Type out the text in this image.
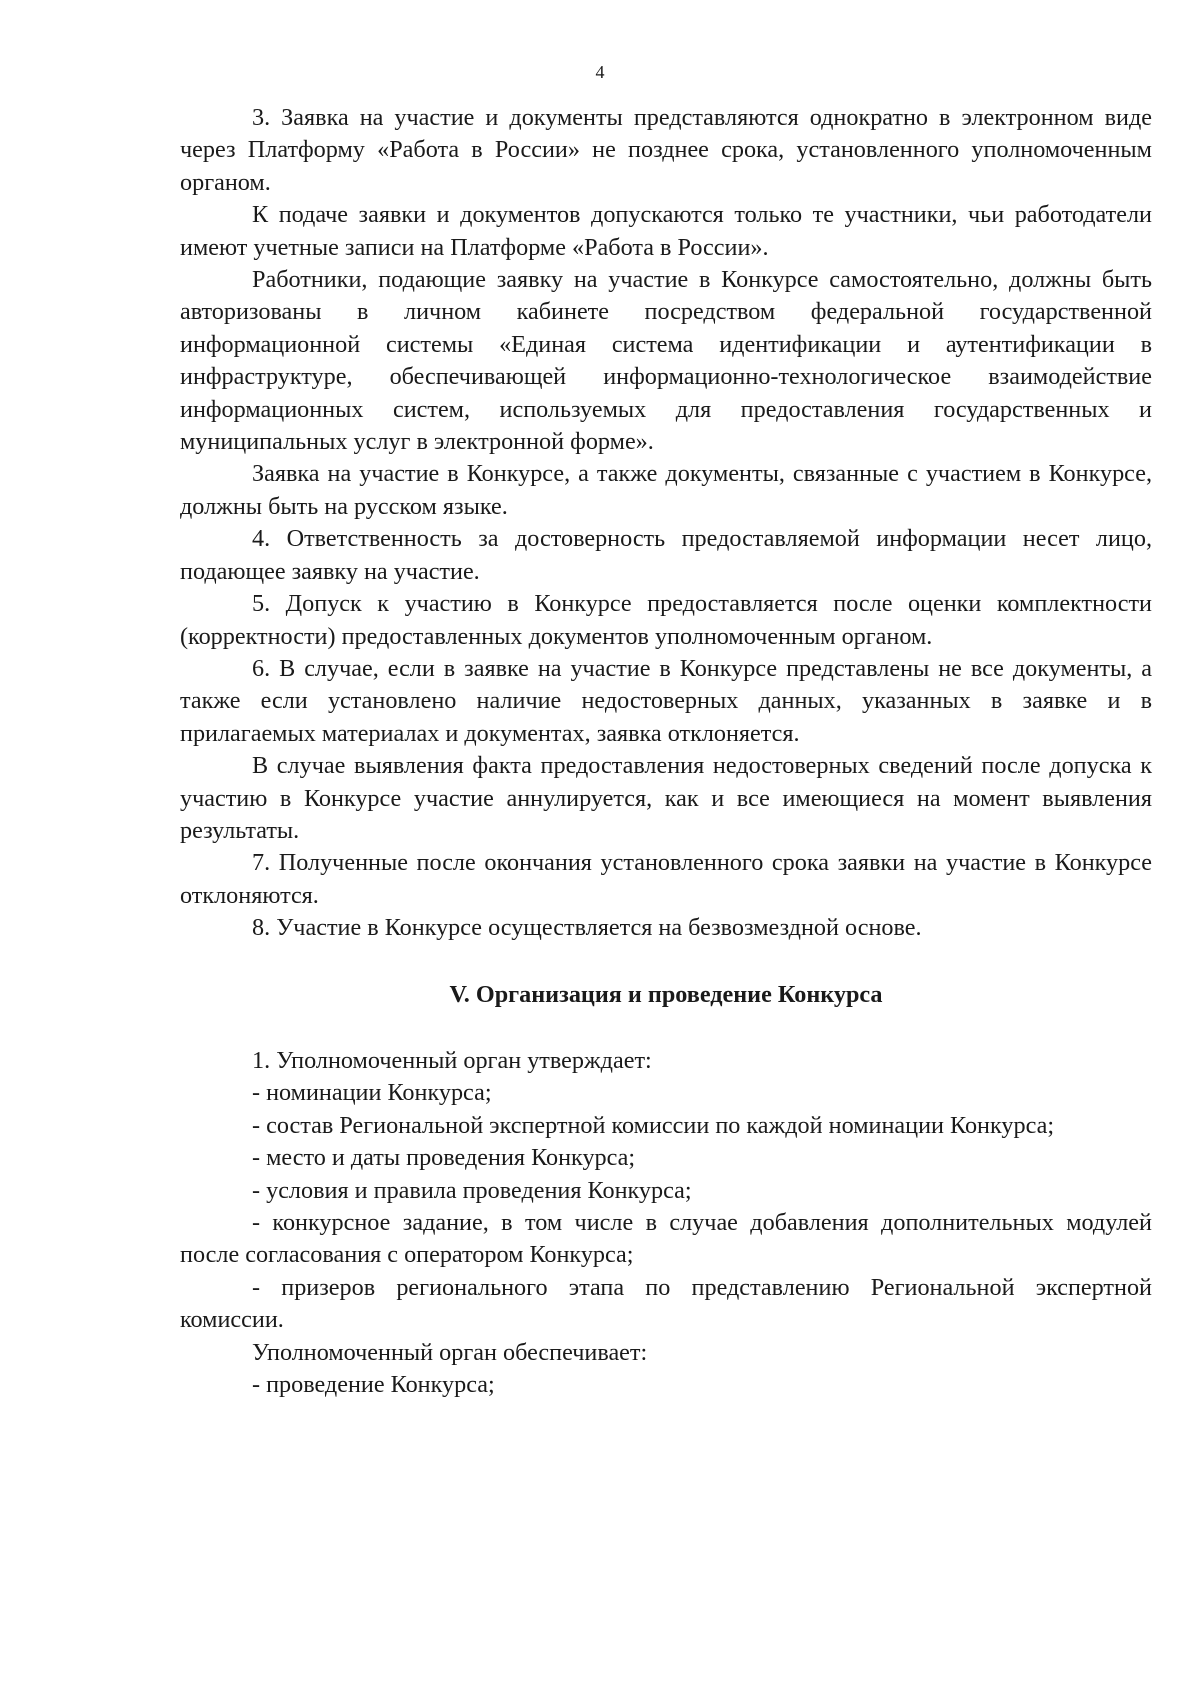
4

3. Заявка на участие и документы представляются однократно в электронном виде через Платформу «Работа в России» не позднее срока, установленного уполномоченным органом.

К подаче заявки и документов допускаются только те участники, чьи работодатели имеют учетные записи на Платформе «Работа в России».

Работники, подающие заявку на участие в Конкурсе самостоятельно, должны быть авторизованы в личном кабинете посредством федеральной государственной информационной системы «Единая система идентификации и аутентификации в инфраструктуре, обеспечивающей информационно-технологическое взаимодействие информационных систем, используемых для предоставления государственных и муниципальных услуг в электронной форме».

Заявка на участие в Конкурсе, а также документы, связанные с участием в Конкурсе, должны быть на русском языке.

4. Ответственность за достоверность предоставляемой информации несет лицо, подающее заявку на участие.

5. Допуск к участию в Конкурсе предоставляется после оценки комплектности (корректности) предоставленных документов уполномоченным органом.

6. В случае, если в заявке на участие в Конкурсе представлены не все документы, а также если установлено наличие недостоверных данных, указанных в заявке и в прилагаемых материалах и документах, заявка отклоняется.

В случае выявления факта предоставления недостоверных сведений после допуска к участию в Конкурсе участие аннулируется, как и все имеющиеся на момент выявления результаты.

7. Полученные после окончания установленного срока заявки на участие в Конкурсе отклоняются.

8. Участие в Конкурсе осуществляется на безвозмездной основе.

V. Организация и проведение Конкурса

1. Уполномоченный орган утверждает:

- номинации Конкурса;

- состав Региональной экспертной комиссии по каждой номинации Конкурса;

- место и даты проведения Конкурса;

- условия и правила проведения Конкурса;

- конкурсное задание, в том числе в случае добавления дополнительных модулей после согласования с оператором Конкурса;

- призеров регионального этапа по представлению Региональной экспертной комиссии.

Уполномоченный орган обеспечивает:

- проведение Конкурса;
